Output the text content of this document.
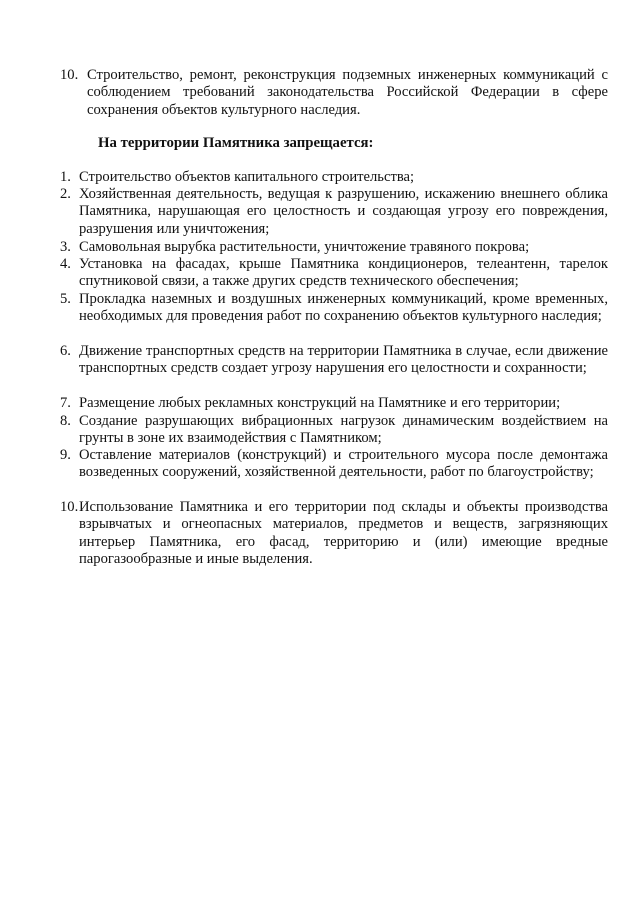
10. Строительство, ремонт, реконструкция подземных инженерных коммуникаций с соблюдением требований законодательства Российской Федерации в сфере сохранения объектов культурного наследия.
На территории Памятника запрещается:
1. Строительство объектов капитального строительства;
2. Хозяйственная деятельность, ведущая к разрушению, искажению внешнего облика Памятника, нарушающая его целостность и создающая угрозу его повреждения, разрушения или уничтожения;
3. Самовольная вырубка растительности, уничтожение травяного покрова;
4. Установка на фасадах, крыше Памятника кондиционеров, телеантенн, тарелок спутниковой связи, а также других средств технического обеспечения;
5. Прокладка наземных и воздушных инженерных коммуникаций, кроме временных, необходимых для проведения работ по сохранению объектов культурного наследия;
6. Движение транспортных средств на территории Памятника в случае, если движение транспортных средств создает угрозу нарушения его целостности и сохранности;
7. Размещение любых рекламных конструкций на Памятнике и его территории;
8. Создание разрушающих вибрационных нагрузок динамическим воздействием на грунты в зоне их взаимодействия с Памятником;
9. Оставление материалов (конструкций) и строительного мусора после демонтажа возведенных сооружений, хозяйственной деятельности, работ по благоустройству;
10. Использование Памятника и его территории под склады и объекты производства взрывчатых и огнеопасных материалов, предметов и веществ, загрязняющих интерьер Памятника, его фасад, территорию и (или) имеющие вредные парогазообразные и иные выделения.
